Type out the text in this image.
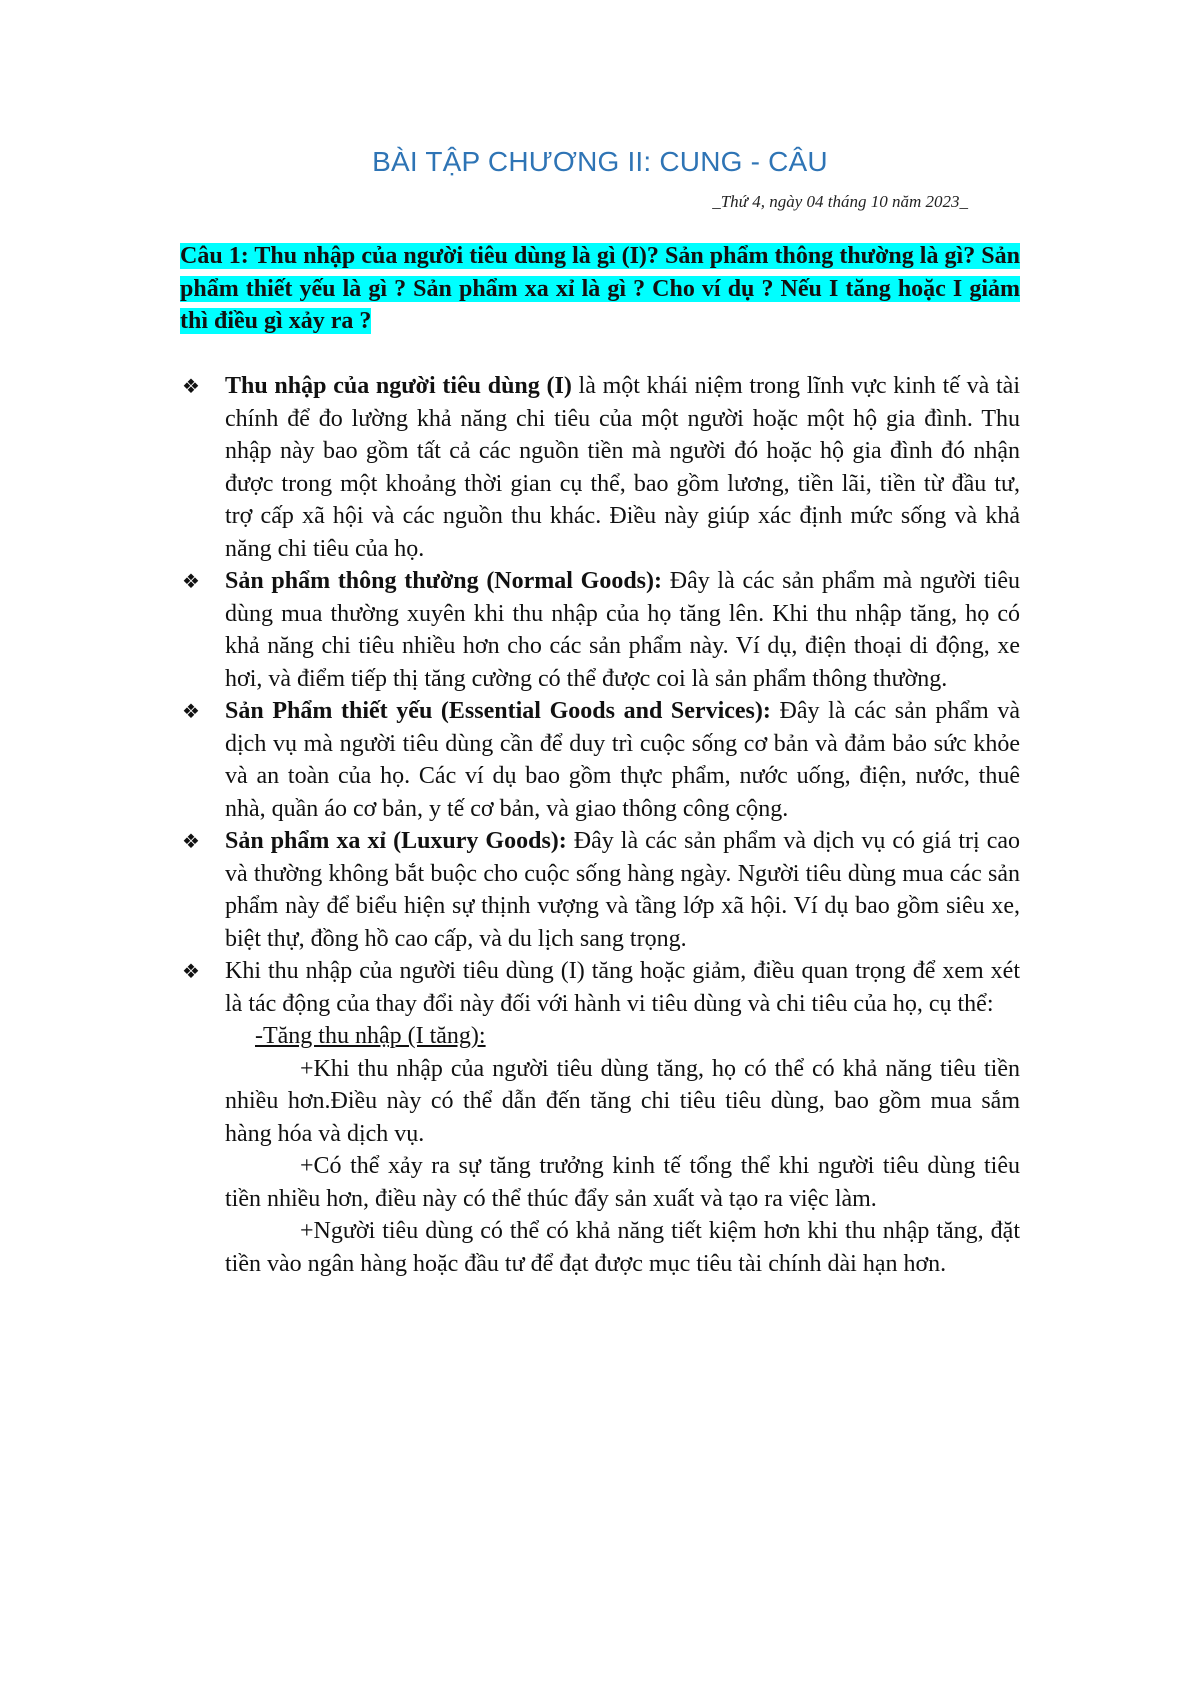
BÀI TẬP CHƯƠNG II: CUNG - CÂU
_Thứ 4, ngày 04 tháng 10 năm 2023_
Câu 1: Thu nhập của người tiêu dùng là gì (I)? Sản phẩm thông thường là gì? Sản phẩm thiết yếu là gì ? Sản phẩm xa xỉ là gì ? Cho ví dụ ? Nếu I tăng hoặc I giảm thì điều gì xảy ra ?
❖ Thu nhập của người tiêu dùng (I) là một khái niệm trong lĩnh vực kinh tế và tài chính để đo lường khả năng chi tiêu của một người hoặc một hộ gia đình. Thu nhập này bao gồm tất cả các nguồn tiền mà người đó hoặc hộ gia đình đó nhận được trong một khoảng thời gian cụ thể, bao gồm lương, tiền lãi, tiền từ đầu tư, trợ cấp xã hội và các nguồn thu khác. Điều này giúp xác định mức sống và khả năng chi tiêu của họ.
❖ Sản phẩm thông thường (Normal Goods): Đây là các sản phẩm mà người tiêu dùng mua thường xuyên khi thu nhập của họ tăng lên. Khi thu nhập tăng, họ có khả năng chi tiêu nhiều hơn cho các sản phẩm này. Ví dụ, điện thoại di động, xe hơi, và điểm tiếp thị tăng cường có thể được coi là sản phẩm thông thường.
❖ Sản Phẩm thiết yếu (Essential Goods and Services): Đây là các sản phẩm và dịch vụ mà người tiêu dùng cần để duy trì cuộc sống cơ bản và đảm bảo sức khỏe và an toàn của họ. Các ví dụ bao gồm thực phẩm, nước uống, điện, nước, thuê nhà, quần áo cơ bản, y tế cơ bản, và giao thông công cộng.
❖ Sản phẩm xa xỉ (Luxury Goods): Đây là các sản phẩm và dịch vụ có giá trị cao và thường không bắt buộc cho cuộc sống hàng ngày. Người tiêu dùng mua các sản phẩm này để biểu hiện sự thịnh vượng và tầng lớp xã hội. Ví dụ bao gồm siêu xe, biệt thự, đồng hồ cao cấp, và du lịch sang trọng.
❖ Khi thu nhập của người tiêu dùng (I) tăng hoặc giảm, điều quan trọng để xem xét là tác động của thay đổi này đối với hành vi tiêu dùng và chi tiêu của họ, cụ thể:
-Tăng thu nhập (I tăng):
+Khi thu nhập của người tiêu dùng tăng, họ có thể có khả năng tiêu tiền nhiều hơn.Điều này có thể dẫn đến tăng chi tiêu tiêu dùng, bao gồm mua sắm hàng hóa và dịch vụ.
+Có thể xảy ra sự tăng trưởng kinh tế tổng thể khi người tiêu dùng tiêu tiền nhiều hơn, điều này có thể thúc đẩy sản xuất và tạo ra việc làm.
+Người tiêu dùng có thể có khả năng tiết kiệm hơn khi thu nhập tăng, đặt tiền vào ngân hàng hoặc đầu tư để đạt được mục tiêu tài chính dài hạn hơn.
